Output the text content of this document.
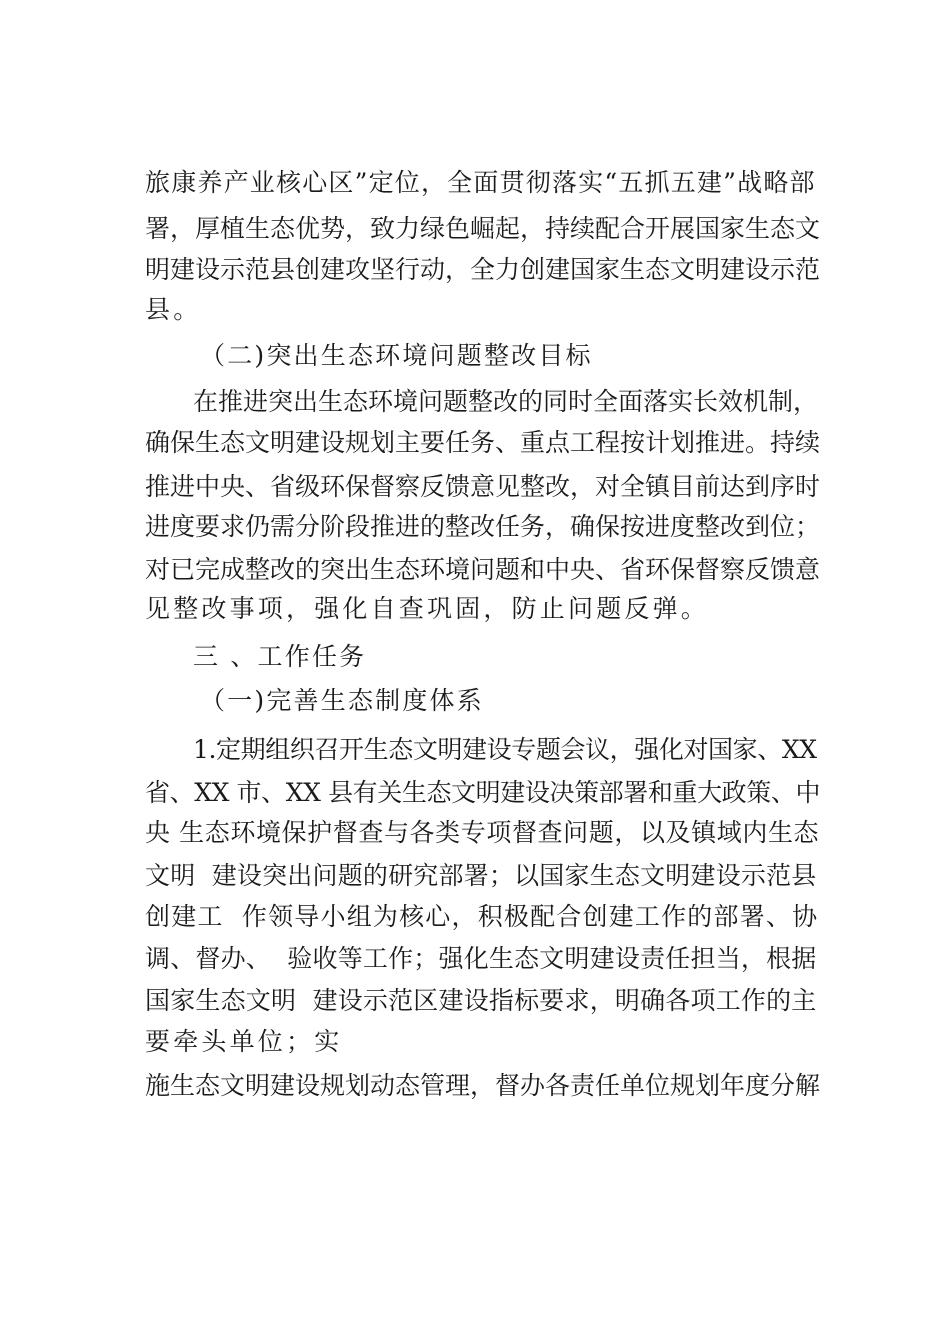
旅康养产业核心区”定位，全面贯彻落实“五抓五建”战略部
署，厚植生态优势，致力绿色崛起，持续配合开展国家生态文
明建设示范县创建攻坚行动，全力创建国家生态文明建设示范
县。
（二)突出生态环境问题整改目标
在推进突出生态环境问题整改的同时全面落实长效机制，
确保生态文明建设规划主要任务、重点工程按计划推进。持续
推进中央、省级环保督察反馈意见整改，对全镇目前达到序时
进度要求仍需分阶段推进的整改任务，确保按进度整改到位；
对已完成整改的突出生态环境问题和中央、省环保督察反馈意
见整改事项，强化自查巩固，防止问题反弹。
三 、工作任务
（一)完善生态制度体系
1.定期组织召开生态文明建设专题会议，强化对国家、XX
省、XX 市、XX 县有关生态文明建设决策部署和重大政策、中
央 生态环境保护督查与各类专项督查问题，以及镇域内生态
文明  建设突出问题的研究部署；以国家生态文明建设示范县
创建工  作领导小组为核心，积极配合创建工作的部署、协
调、督办、  验收等工作；强化生态文明建设责任担当，根据
国家生态文明  建设示范区建设指标要求，明确各项工作的主
要牵头单位；实
施生态文明建设规划动态管理，督办各责任单位规划年度分解
